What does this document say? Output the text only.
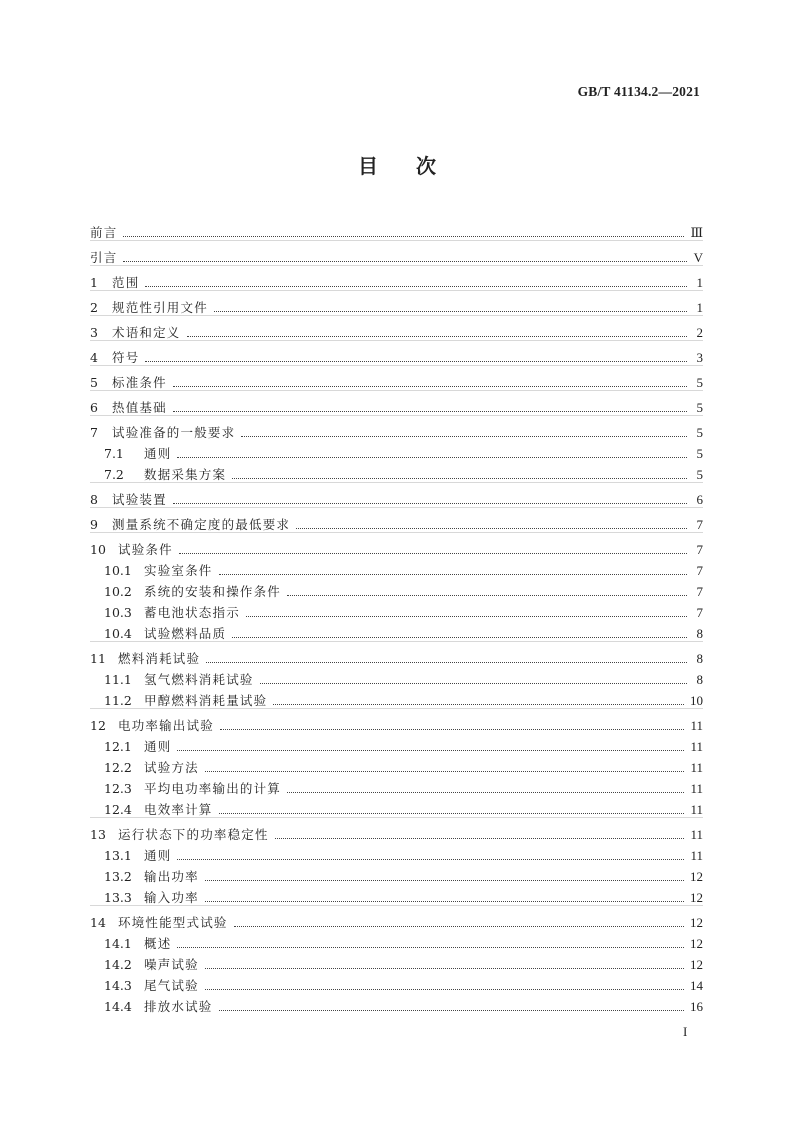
GB/T 41134.2—2021
目 次
前言	Ⅲ
引言	V
1	范围	1
2	规范性引用文件	1
3	术语和定义	2
4	符号	3
5	标准条件	5
6	热值基础	5
7	试验准备的一般要求	5
7.1	通则	5
7.2	数据采集方案	5
8	试验装置	6
9	测量系统不确定度的最低要求	7
10 试验条件	7
10.1 实验室条件	7
10.2 系统的安装和操作条件	7
10.3 蓄电池状态指示	7
10.4 试验燃料品质	8
11 燃料消耗试验	8
11.1 氢气燃料消耗试验	8
11.2 甲醇燃料消耗量试验	10
12 电功率输出试验	11
12.1 通则	11
12.2 试验方法	11
12.3 平均电功率输出的计算	11
12.4 电效率计算	11
13 运行状态下的功率稳定性	11
13.1 通则	11
13.2 输出功率	12
13.3 输入功率	12
14 环境性能型式试验	12
14.1 概述	12
14.2 噪声试验	12
14.3 尾气试验	14
14.4 排放水试验	16
I
